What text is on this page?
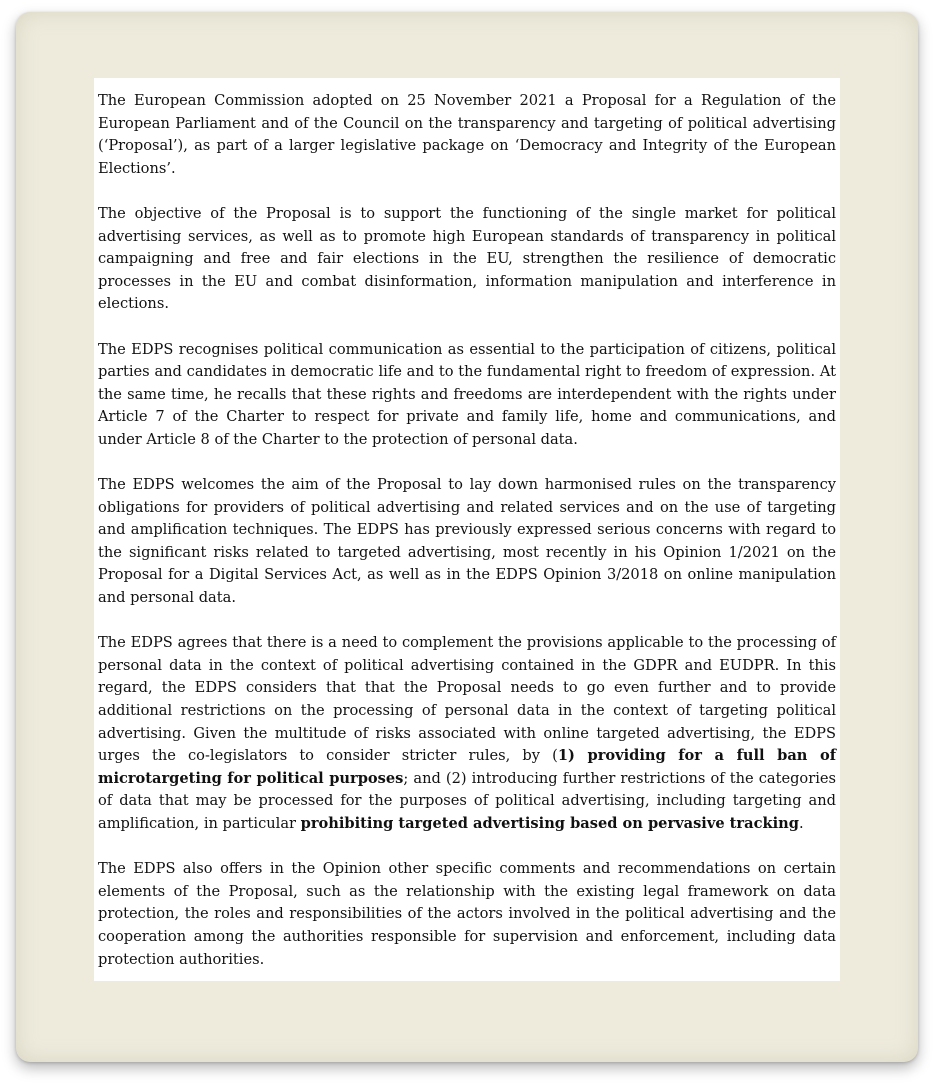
The European Commission adopted on 25 November 2021 a Proposal for a Regulation of the European Parliament and of the Council on the transparency and targeting of political advertising (‘Proposal’), as part of a larger legislative package on ‘Democracy and Integrity of the European Elections’.

The objective of the Proposal is to support the functioning of the single market for political advertising services, as well as to promote high European standards of transparency in political campaigning and free and fair elections in the EU, strengthen the resilience of democratic processes in the EU and combat disinformation, information manipulation and interference in elections.

The EDPS recognises political communication as essential to the participation of citizens, political parties and candidates in democratic life and to the fundamental right to freedom of expression. At the same time, he recalls that these rights and freedoms are interdependent with the rights under Article 7 of the Charter to respect for private and family life, home and communications, and under Article 8 of the Charter to the protection of personal data.

The EDPS welcomes the aim of the Proposal to lay down harmonised rules on the transparency obligations for providers of political advertising and related services and on the use of targeting and amplification techniques. The EDPS has previously expressed serious concerns with regard to the significant risks related to targeted advertising, most recently in his Opinion 1/2021 on the Proposal for a Digital Services Act, as well as in the EDPS Opinion 3/2018 on online manipulation and personal data.

The EDPS agrees that there is a need to complement the provisions applicable to the processing of personal data in the context of political advertising contained in the GDPR and EUDPR. In this regard, the EDPS considers that that the Proposal needs to go even further and to provide additional restrictions on the processing of personal data in the context of targeting political advertising. Given the multitude of risks associated with online targeted advertising, the EDPS urges the co-legislators to consider stricter rules, by (1) providing for a full ban of microtargeting for political purposes; and (2) introducing further restrictions of the categories of data that may be processed for the purposes of political advertising, including targeting and amplification, in particular prohibiting targeted advertising based on pervasive tracking.

The EDPS also offers in the Opinion other specific comments and recommendations on certain elements of the Proposal, such as the relationship with the existing legal framework on data protection, the roles and responsibilities of the actors involved in the political advertising and the cooperation among the authorities responsible for supervision and enforcement, including data protection authorities.
